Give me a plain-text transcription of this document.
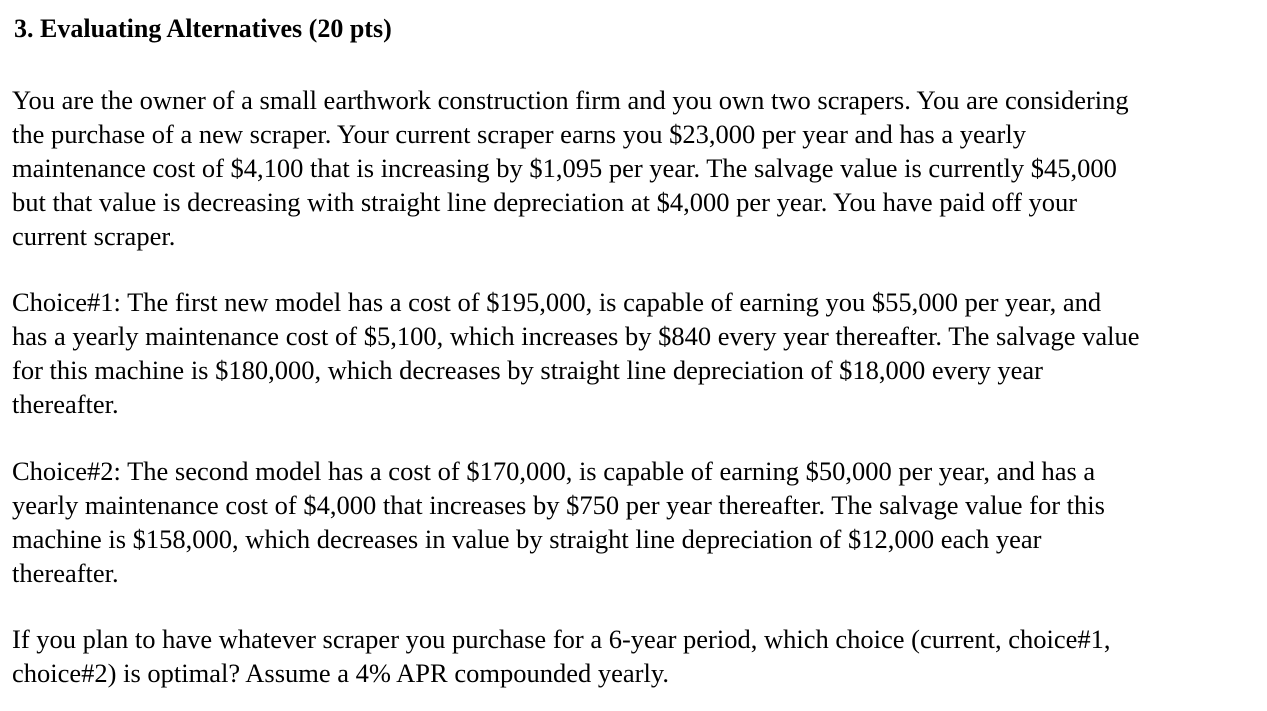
3. Evaluating Alternatives (20 pts)
You are the owner of a small earthwork construction firm and you own two scrapers. You are considering
the purchase of a new scraper. Your current scraper earns you $23,000 per year and has a yearly
maintenance cost of $4,100 that is increasing by $1,095 per year. The salvage value is currently $45,000
but that value is decreasing with straight line depreciation at $4,000 per year. You have paid off your
current scraper.
Choice#1: The first new model has a cost of $195,000, is capable of earning you $55,000 per year, and
has a yearly maintenance cost of $5,100, which increases by $840 every year thereafter. The salvage value
for this machine is $180,000, which decreases by straight line depreciation of $18,000 every year
thereafter.
Choice#2: The second model has a cost of $170,000, is capable of earning $50,000 per year, and has a
yearly maintenance cost of $4,000 that increases by $750 per year thereafter. The salvage value for this
machine is $158,000, which decreases in value by straight line depreciation of $12,000 each year
thereafter.
If you plan to have whatever scraper you purchase for a 6-year period, which choice (current, choice#1,
choice#2) is optimal? Assume a 4% APR compounded yearly.
